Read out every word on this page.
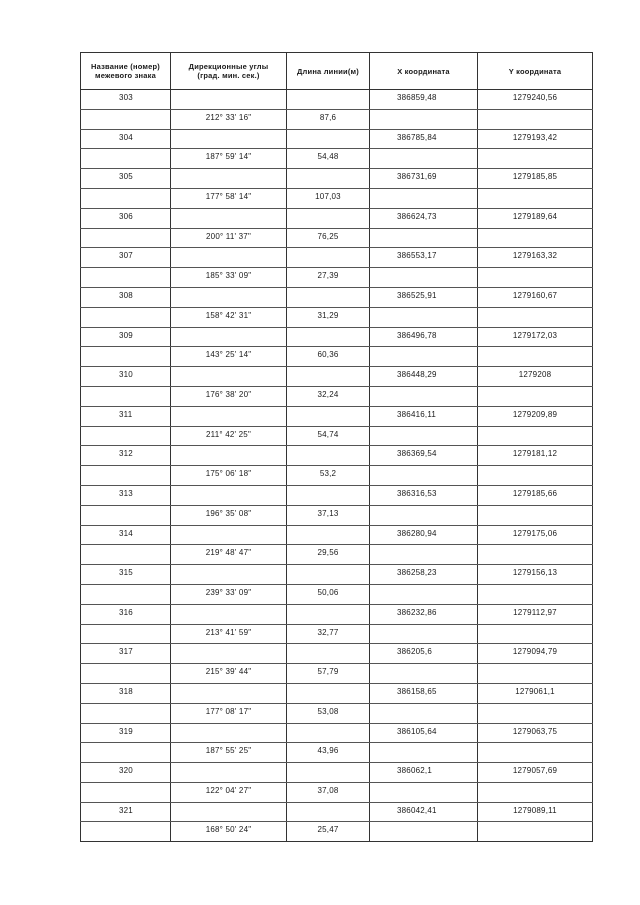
Название (номер)
межевого знака	Дирекционные углы
(град. мин. сек.)	Длина линии(м)	X координата	Y координата
303			386859,48	1279240,56
	212° 33' 16"	87,6		
304			386785,84	1279193,42
	187° 59' 14"	54,48		
305			386731,69	1279185,85
	177° 58' 14"	107,03		
306			386624,73	1279189,64
	200° 11' 37"	76,25		
307			386553,17	1279163,32
	185° 33' 09"	27,39		
308			386525,91	1279160,67
	158° 42' 31"	31,29		
309			386496,78	1279172,03
	143° 25' 14"	60,36		
310			386448,29	1279208
	176° 38' 20"	32,24		
311			386416,11	1279209,89
	211° 42' 25"	54,74		
312			386369,54	1279181,12
	175° 06' 18"	53,2		
313			386316,53	1279185,66
	196° 35' 08"	37,13		
314			386280,94	1279175,06
	219° 48' 47"	29,56		
315			386258,23	1279156,13
	239° 33' 09"	50,06		
316			386232,86	1279112,97
	213° 41' 59"	32,77		
317			386205,6	1279094,79
	215° 39' 44"	57,79		
318			386158,65	1279061,1
	177° 08' 17"	53,08		
319			386105,64	1279063,75
	187° 55' 25"	43,96		
320			386062,1	1279057,69
	122° 04' 27"	37,08		
321			386042,41	1279089,11
	168° 50' 24"	25,47		
